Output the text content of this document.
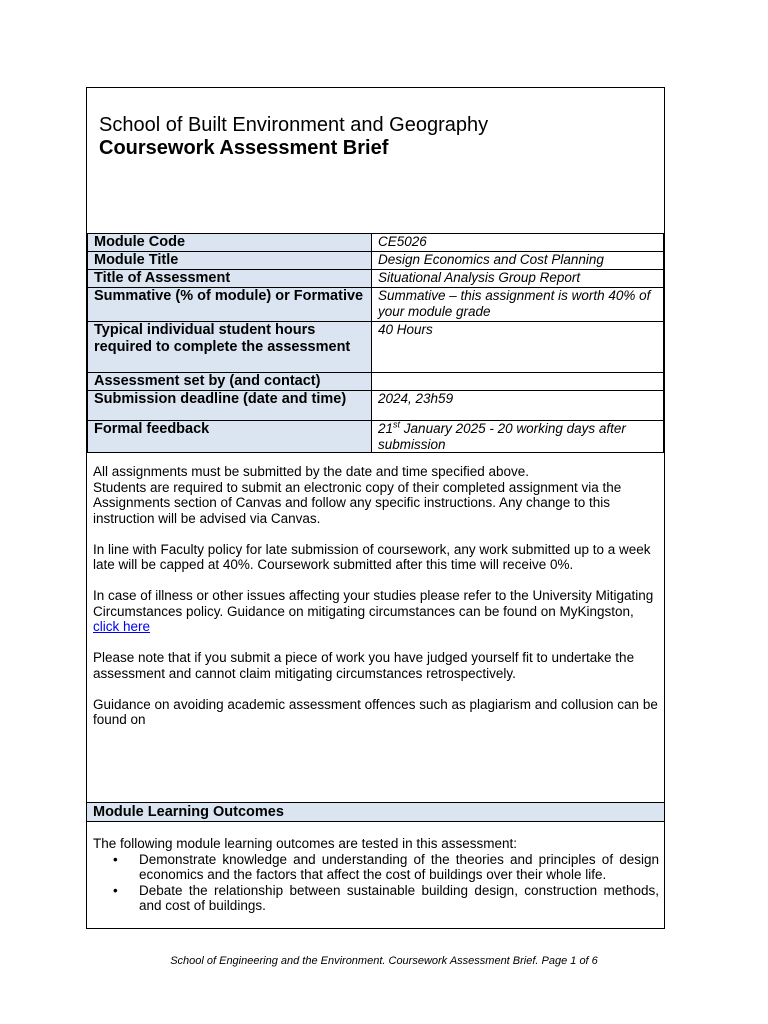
School of Built Environment and Geography
Coursework Assessment Brief
Module Code	CE5026
Module Title	Design Economics and Cost Planning
Title of Assessment	Situational Analysis Group Report
Summative (% of module) or Formative	Summative – this assignment is worth 40% of your module grade
Typical individual student hours required to complete the assessment	40 Hours
Assessment set by (and contact)	
Submission deadline (date and time)	2024, 23h59
Formal feedback	21st January 2025 - 20 working days after submission

All assignments must be submitted by the date and time specified above.
Students are required to submit an electronic copy of their completed assignment via the Assignments section of Canvas and follow any specific instructions. Any change to this instruction will be advised via Canvas.

In line with Faculty policy for late submission of coursework, any work submitted up to a week late will be capped at 40%. Coursework submitted after this time will receive 0%.

In case of illness or other issues affecting your studies please refer to the University Mitigating Circumstances policy. Guidance on mitigating circumstances can be found on MyKingston, click here

Please note that if you submit a piece of work you have judged yourself fit to undertake the assessment and cannot claim mitigating circumstances retrospectively.

Guidance on avoiding academic assessment offences such as plagiarism and collusion can be found on

Module Learning Outcomes
The following module learning outcomes are tested in this assessment:
• Demonstrate knowledge and understanding of the theories and principles of design economics and the factors that affect the cost of buildings over their whole life.
• Debate the relationship between sustainable building design, construction methods, and cost of buildings.
School of Engineering and the Environment. Coursework Assessment Brief. Page 1 of 6
